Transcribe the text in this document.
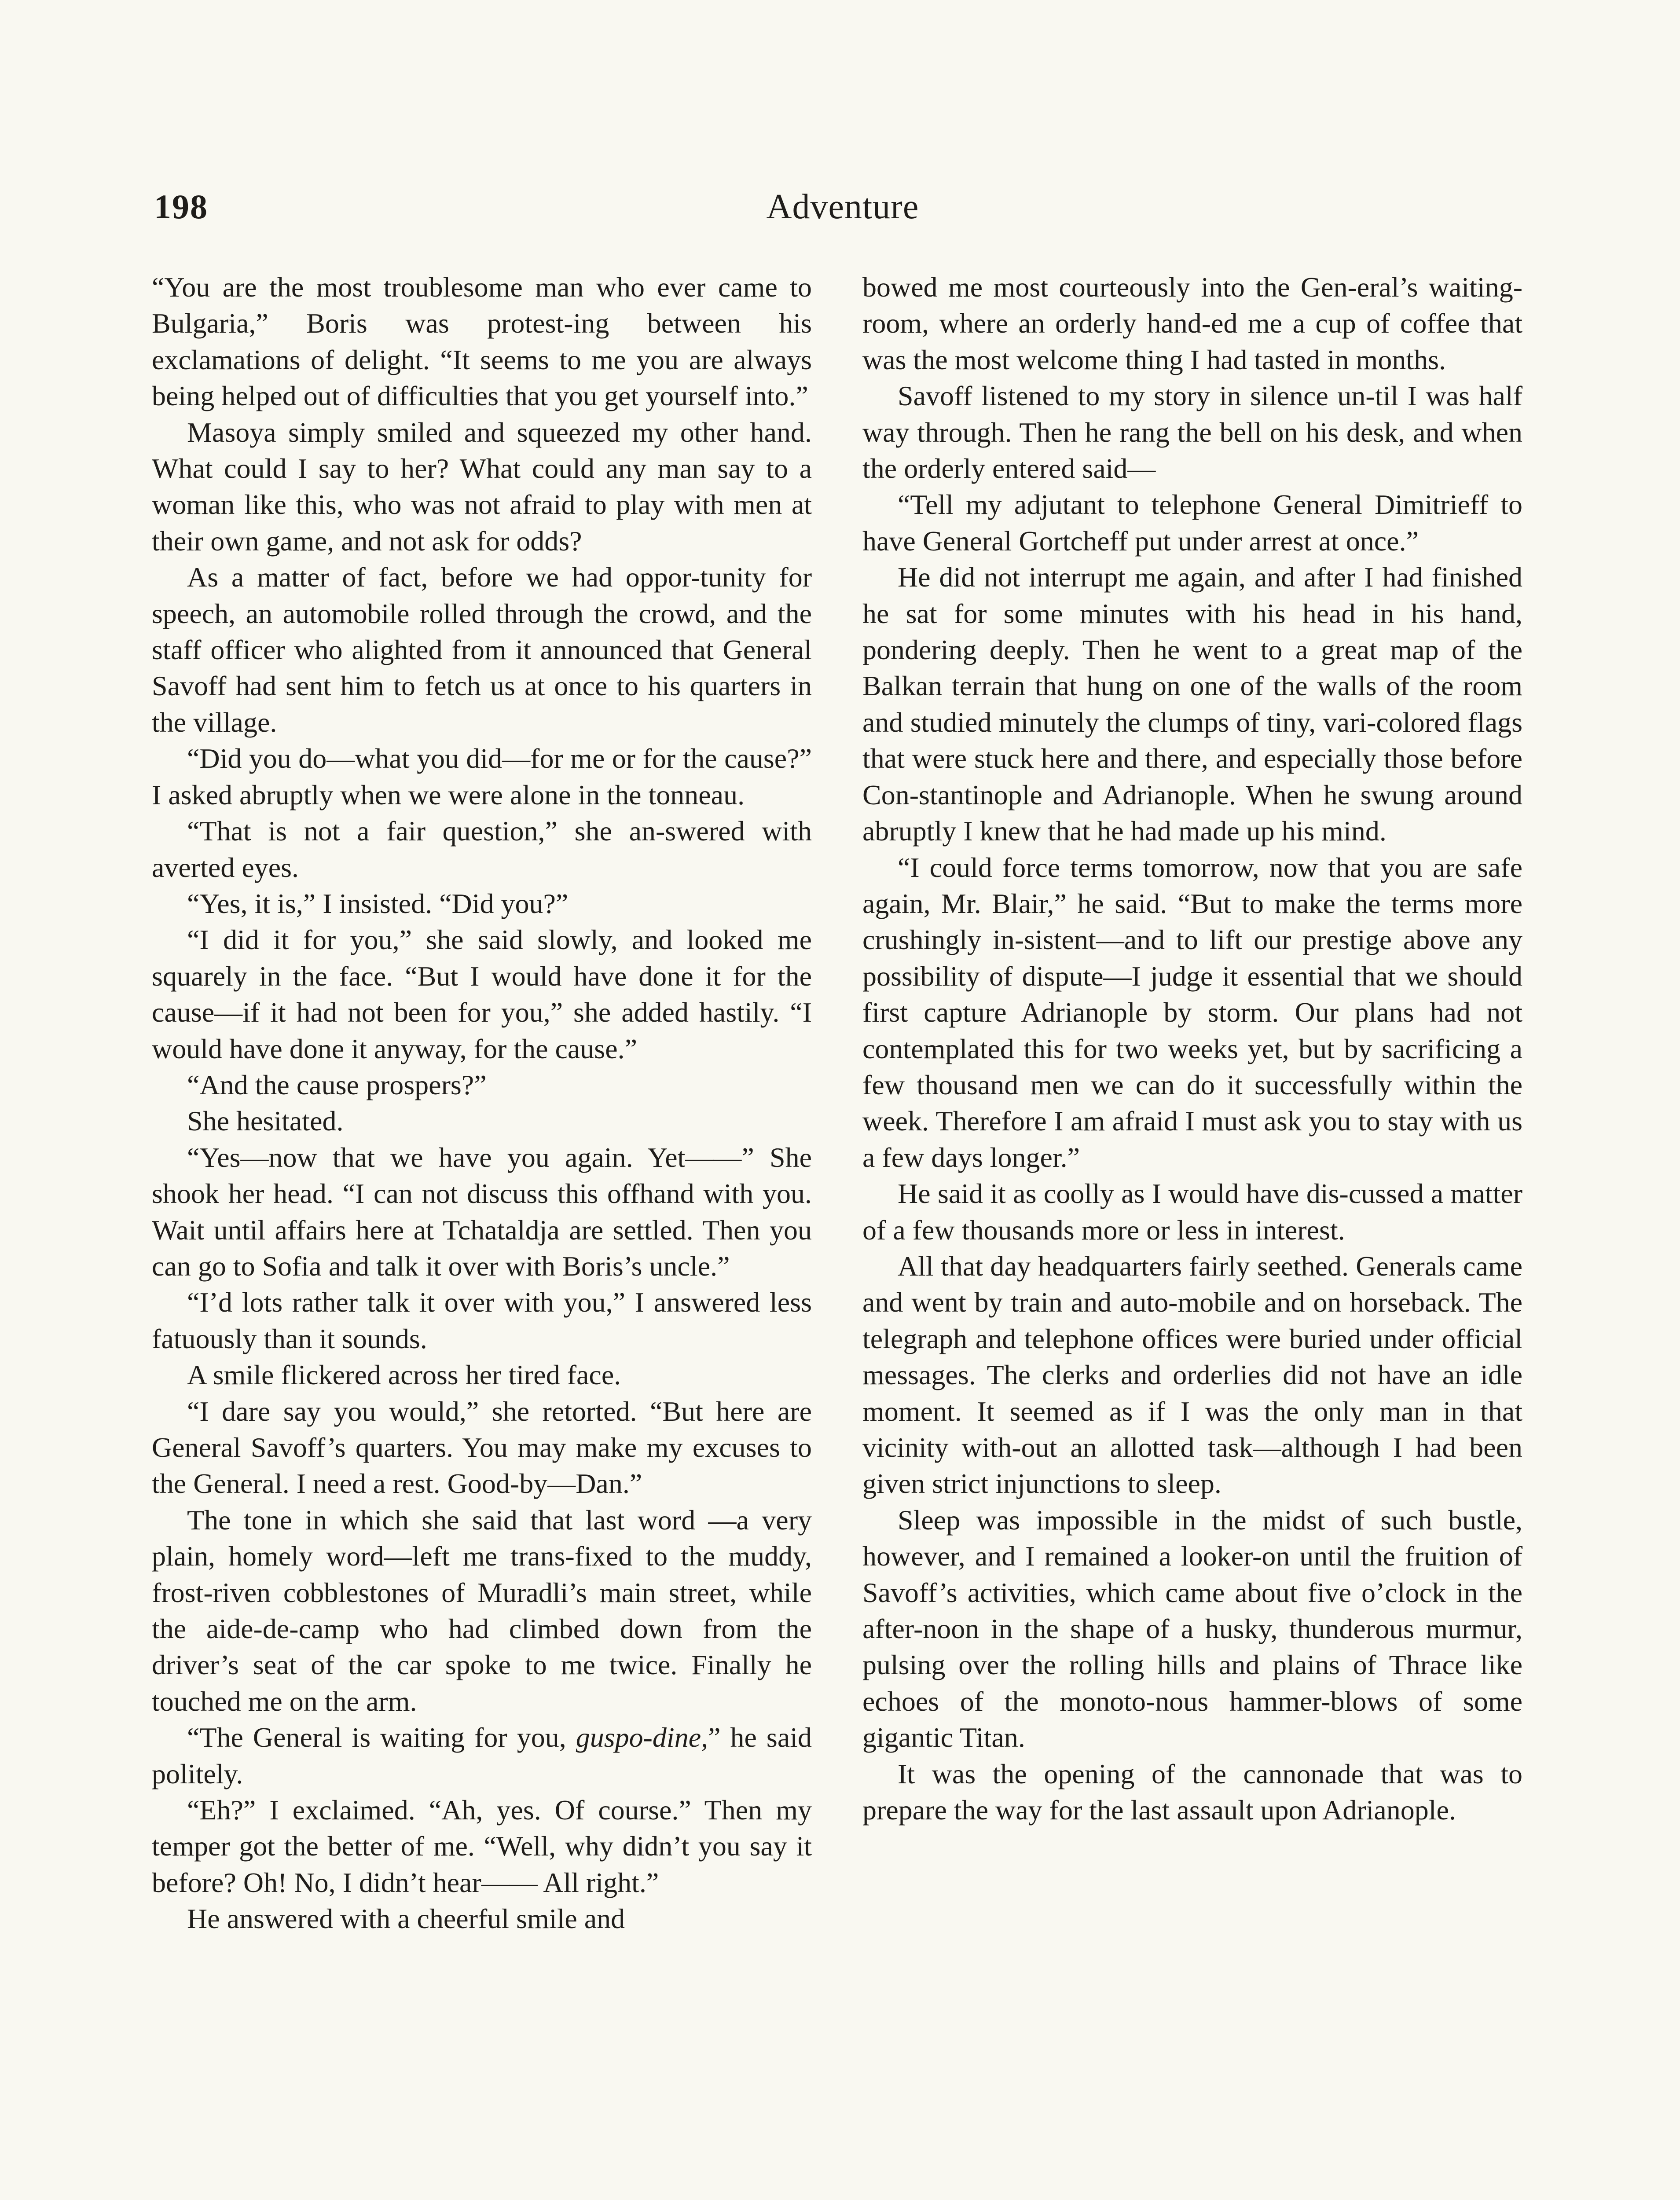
198	Adventure

“You are the most troublesome man who ever came to Bulgaria,” Boris was protest-ing between his exclamations of delight. “It seems to me you are always being helped out of difficulties that you get yourself into.”

Masoya simply smiled and squeezed my other hand. What could I say to her? What could any man say to a woman like this, who was not afraid to play with men at their own game, and not ask for odds?

As a matter of fact, before we had oppor-tunity for speech, an automobile rolled through the crowd, and the staff officer who alighted from it announced that General Savoff had sent him to fetch us at once to his quarters in the village.

“Did you do—what you did—for me or for the cause?” I asked abruptly when we were alone in the tonneau.

“That is not a fair question,” she an-swered with averted eyes.

“Yes, it is,” I insisted. “Did you?”

“I did it for you,” she said slowly, and looked me squarely in the face. “But I would have done it for the cause—if it had not been for you,” she added hastily. “I would have done it anyway, for the cause.”

“And the cause prospers?”

She hesitated.

“Yes—now that we have you again. Yet——” She shook her head. “I can not discuss this offhand with you. Wait until affairs here at Tchataldja are settled. Then you can go to Sofia and talk it over with Boris’s uncle.”

“I’d lots rather talk it over with you,” I answered less fatuously than it sounds.

A smile flickered across her tired face.

“I dare say you would,” she retorted. “But here are General Savoff’s quarters. You may make my excuses to the General. I need a rest. Good-by—Dan.”

The tone in which she said that last word —a very plain, homely word—left me trans-fixed to the muddy, frost-riven cobblestones of Muradli’s main street, while the aide-de-camp who had climbed down from the driver’s seat of the car spoke to me twice. Finally he touched me on the arm.

“The General is waiting for you, guspo-dine,” he said politely.

“Eh?” I exclaimed. “Ah, yes. Of course.” Then my temper got the better of me. “Well, why didn’t you say it before? Oh! No, I didn’t hear—— All right.”

He answered with a cheerful smile and

bowed me most courteously into the Gen-eral’s waiting-room, where an orderly hand-ed me a cup of coffee that was the most welcome thing I had tasted in months.

Savoff listened to my story in silence un-til I was half way through. Then he rang the bell on his desk, and when the orderly entered said—

“Tell my adjutant to telephone General Dimitrieff to have General Gortcheff put under arrest at once.”

He did not interrupt me again, and after I had finished he sat for some minutes with his head in his hand, pondering deeply. Then he went to a great map of the Balkan terrain that hung on one of the walls of the room and studied minutely the clumps of tiny, vari-colored flags that were stuck here and there, and especially those before Con-stantinople and Adrianople. When he swung around abruptly I knew that he had made up his mind.

“I could force terms tomorrow, now that you are safe again, Mr. Blair,” he said. “But to make the terms more crushingly in-sistent—and to lift our prestige above any possibility of dispute—I judge it essential that we should first capture Adrianople by storm. Our plans had not contemplated this for two weeks yet, but by sacrificing a few thousand men we can do it successfully within the week. Therefore I am afraid I must ask you to stay with us a few days longer.”

He said it as coolly as I would have dis-cussed a matter of a few thousands more or less in interest.

All that day headquarters fairly seethed. Generals came and went by train and auto-mobile and on horseback. The telegraph and telephone offices were buried under official messages. The clerks and orderlies did not have an idle moment. It seemed as if I was the only man in that vicinity with-out an allotted task—although I had been given strict injunctions to sleep.

Sleep was impossible in the midst of such bustle, however, and I remained a looker-on until the fruition of Savoff’s activities, which came about five o’clock in the after-noon in the shape of a husky, thunderous murmur, pulsing over the rolling hills and plains of Thrace like echoes of the monoto-nous hammer-blows of some gigantic Titan.

It was the opening of the cannonade that was to prepare the way for the last assault upon Adrianople.
